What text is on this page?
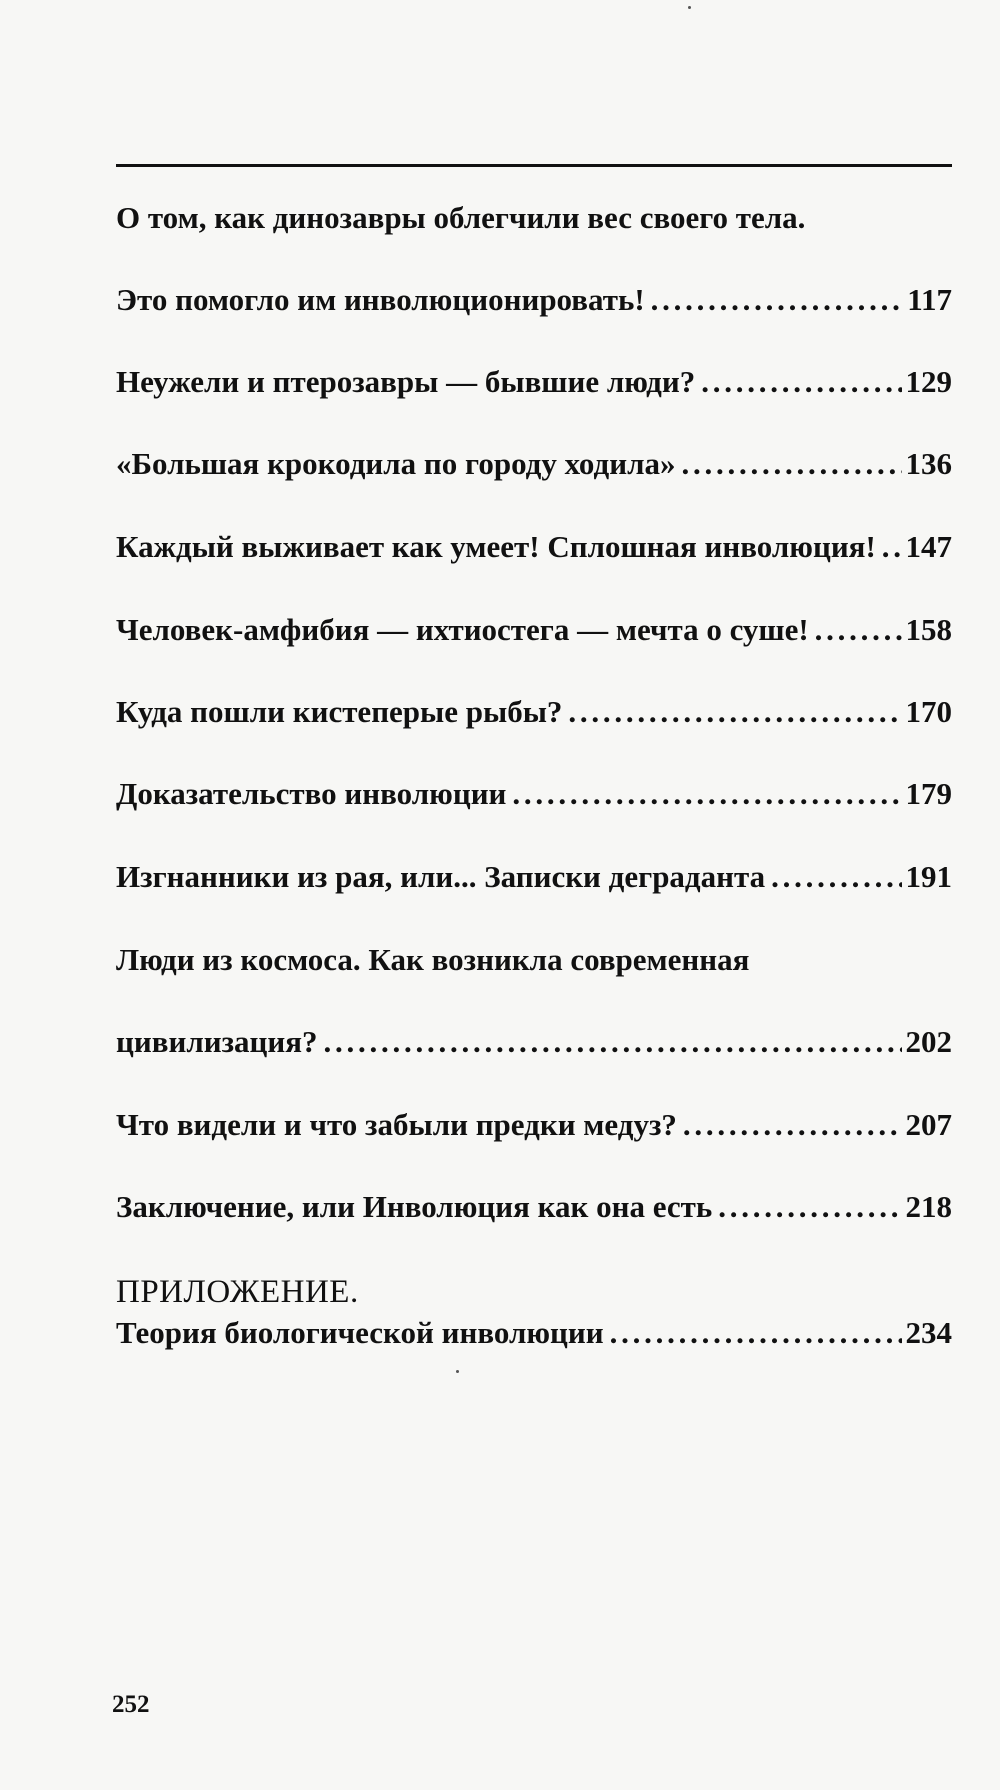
О том, как динозавры облегчили вес своего тела.
Это помогло им инволюционировать! . . .	117
Неужели и птерозавры — бывшие люди? . . .	129
«Большая крокодила по городу ходила» . . .	136
Каждый выживает как умеет! Сплошная инволюция! . . . 147
Человек-амфибия — ихтиостега — мечта о суше! . . .	158
Куда пошли кистеперые рыбы? . . .	170
Доказательство инволюции . . .	179
Изгнанники из рая, или... Записки деграданта . . .	191
Люди из космоса. Как возникла современная
цивилизация? . . .	202
Что видели и что забыли предки медуз? . . .	207
Заключение, или Инволюция как она есть . . .	218
ПРИЛОЖЕНИЕ.
Теория биологической инволюции . . .	234
252
